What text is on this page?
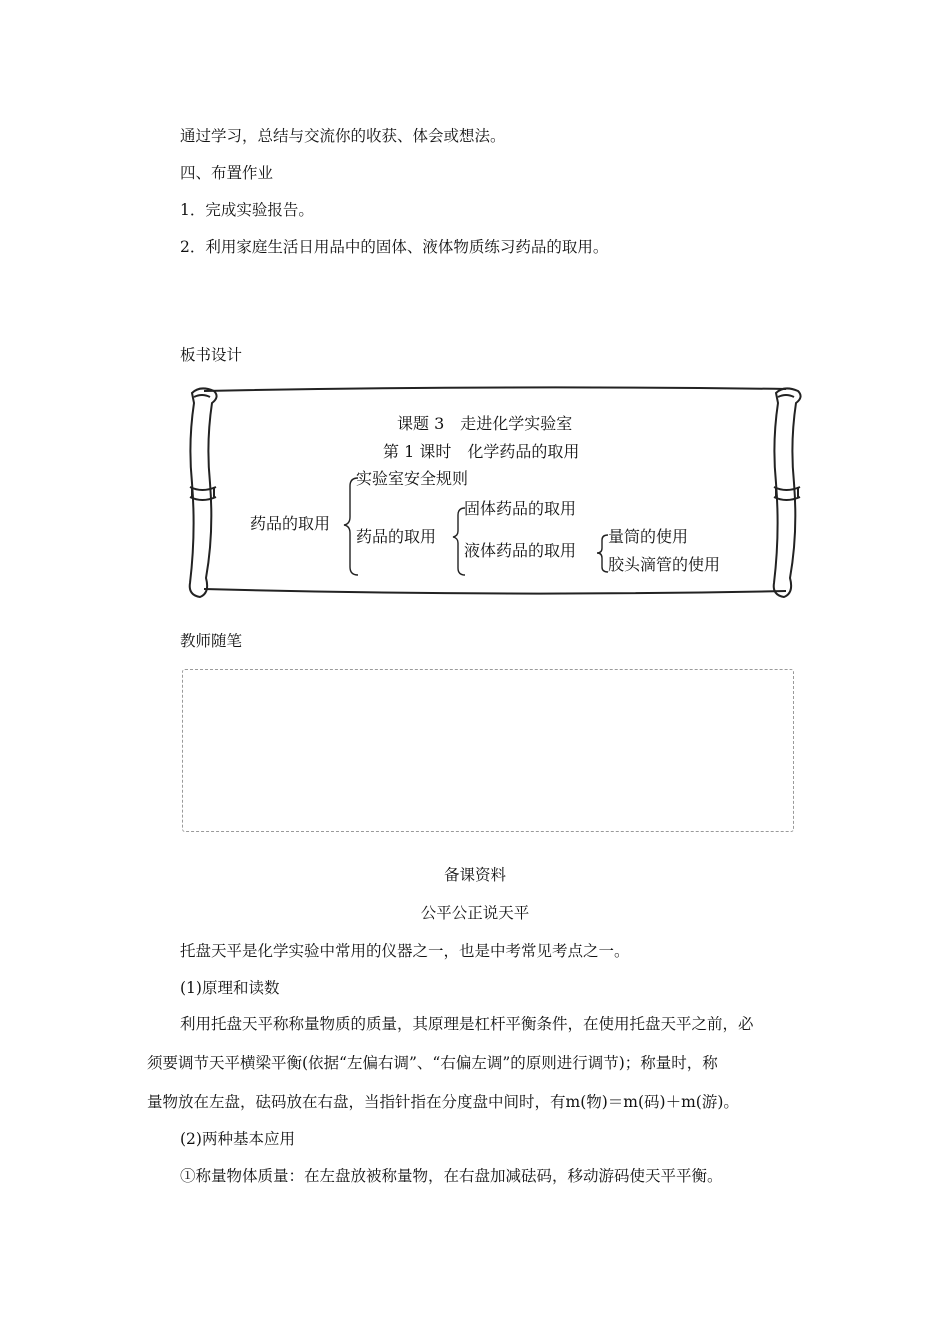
通过学习，总结与交流你的收获、体会或想法。
四、布置作业
1．完成实验报告。
2．利用家庭生活日用品中的固体、液体物质练习药品的取用。
板书设计
课题 3　走进化学实验室
第 1 课时　化学药品的取用
药品的取用
实验室安全规则
药品的取用
固体药品的取用
液体药品的取用
量筒的使用
胶头滴管的使用
教师随笔
备课资料
公平公正说天平
托盘天平是化学实验中常用的仪器之一，也是中考常见考点之一。
(1)原理和读数
利用托盘天平称称量物质的质量，其原理是杠杆平衡条件，在使用托盘天平之前，必
须要调节天平横梁平衡(依据“左偏右调”、“右偏左调”的原则进行调节)；称量时，称
量物放在左盘，砝码放在右盘，当指针指在分度盘中间时，有m(物)＝m(码)＋m(游)。
(2)两种基本应用
①称量物体质量：在左盘放被称量物，在右盘加减砝码，移动游码使天平平衡。
